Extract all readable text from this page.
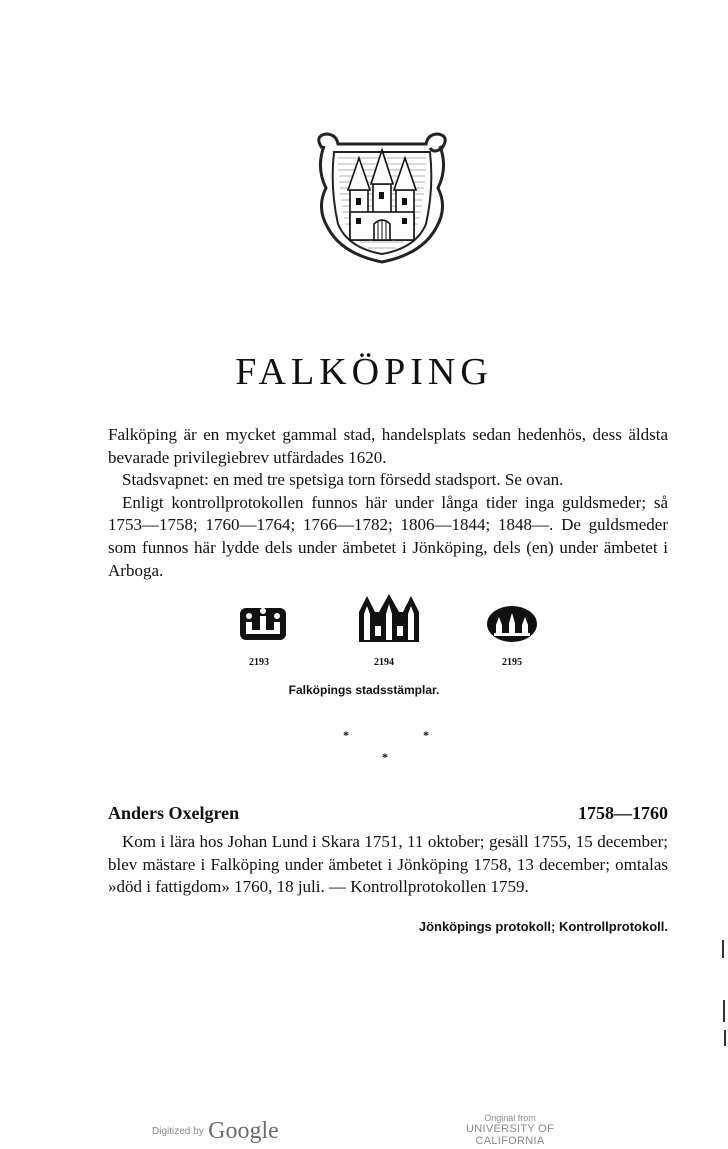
FALKÖPING

Falköping är en mycket gammal stad, handelsplats sedan hedenhös, dess äldsta bevarade privilegiebrev utfärdades 1620.

Stadsvapnet: en med tre spetsiga torn försedd stadsport. Se ovan.

Enligt kontrollprotokollen funnos här under långa tider inga guldsmeder; så 1753—1758; 1760—1764; 1766—1782; 1806—1844; 1848—. De guldsmeder som funnos här lydde dels under ämbetet i Jönköping, dels (en) under ämbetet i Arboga.

2193	2194	2195
Falköpings stadsstämplar.
*	*
*
Anders Oxelgren	1758—1760

Kom i lära hos Johan Lund i Skara 1751, 11 oktober; gesäll 1755, 15 december; blev mästare i Falköping under ämbetet i Jönköping 1758, 13 december; omtalas »död i fattigdom» 1760, 18 juli. — Kontrollprotokollen 1759.

Jönköpings protokoll; Kontrollprotokoll.
Digitized by Google	Original from
UNIVERSITY OF CALIFORNIA
